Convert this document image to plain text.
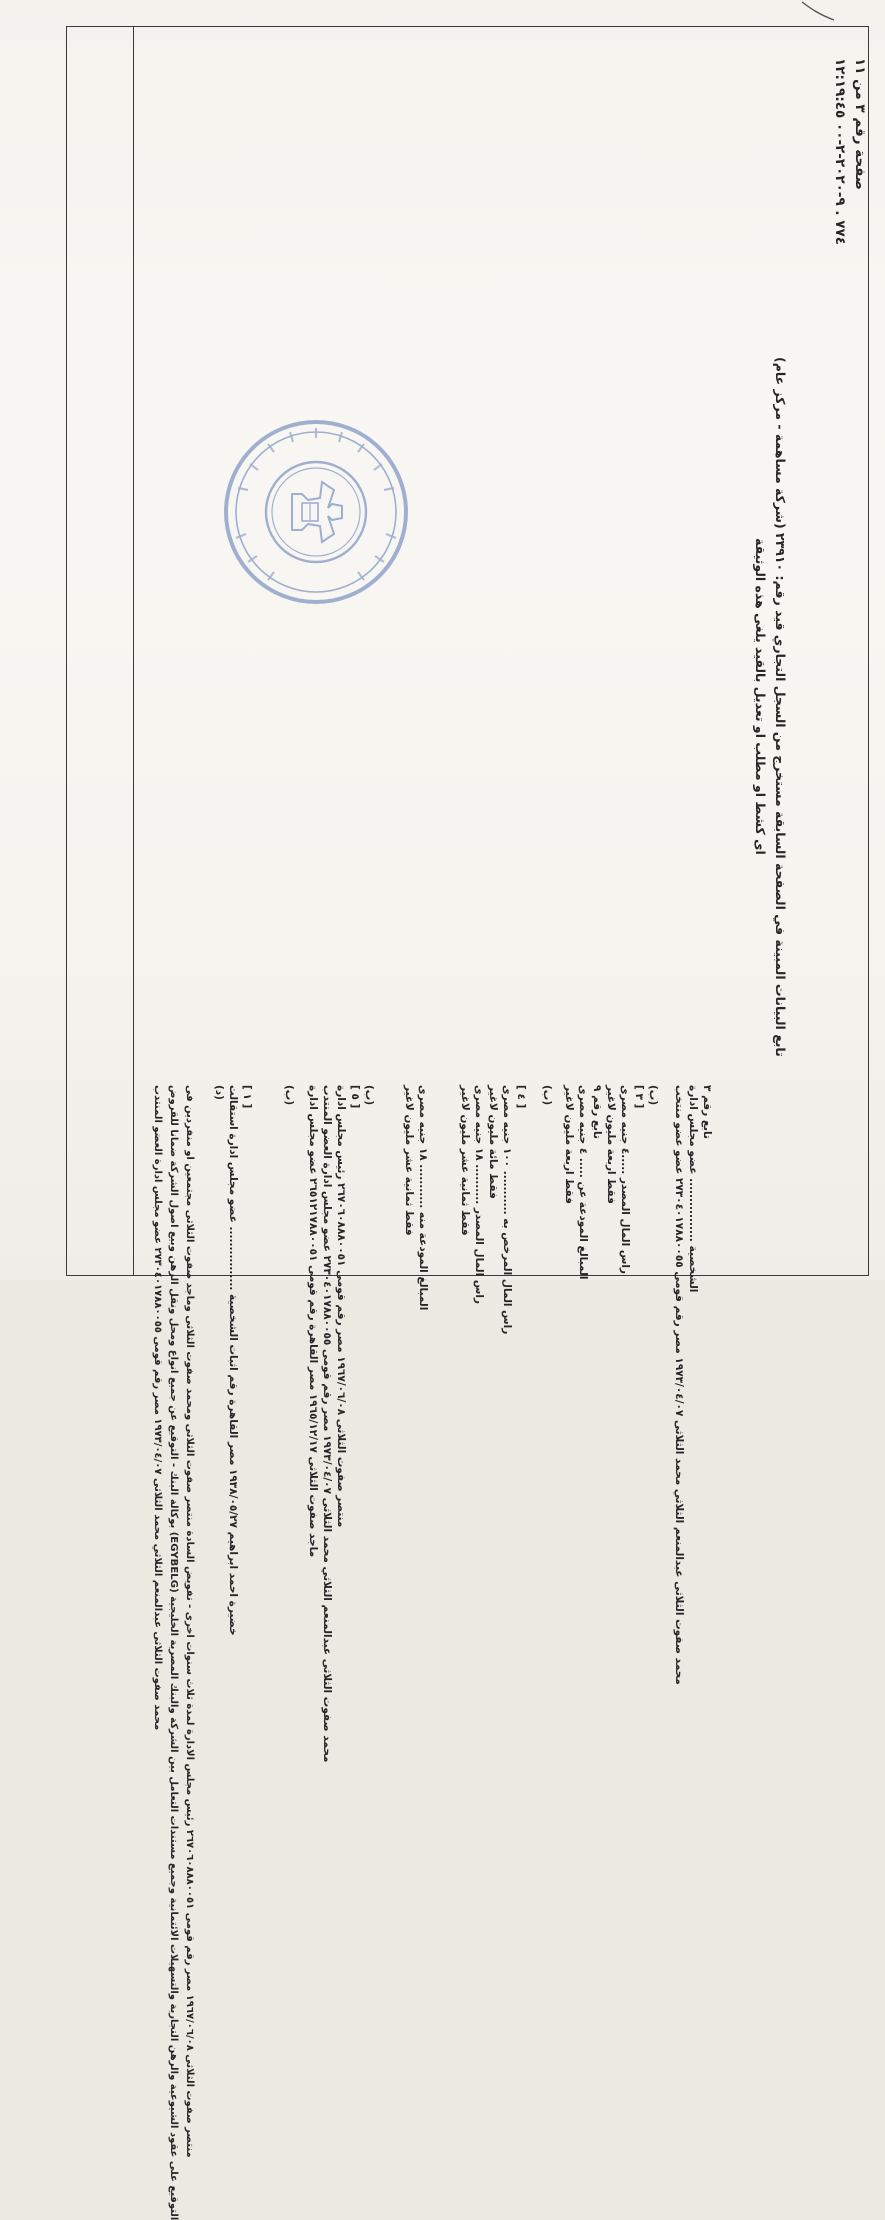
صفحة رقم ٣ من ١١
٧٧٤ . ٩-٢٠٢٠-٢-٠٠ ١٢:١٩:٤٥
تابع البيانات المبينة في الصفحة السابقة مستخرج من السجل التجاري قيد رقم: ٢٣٩١٠ (شركة مساهمة - مركز عام)
اى كشط او مطلب او تعديل بالقيد يلغى هذه الوثيقة
تابع رقم ٣
الشخصية ................ عضو مجلس ادارة
محمد صفوت الثلاثى عبدالمنعم الثلاثي محمد الثلاثى ١٩٧٣/٠٤/٠٧ مصر رقم قومى ٢٧٣٠٤٠١٧٨٨٠٠٥٥ عضو عضو منتخب
(ب)
[ ٣ ]
راس المال المصدر .....٤ جنيه مصرى
فقط اربعة مليون لاغير
تابع رقم ٩
المبالغ المودعة عن ..... ٤ جنيه مصرى
فقط اربعة مليون لاغير
(ب)
[ ٤ ]
راس المال المرخص به ........... ١٠٠ جنيه مصرى
فقط مائة مليون لاغير
راس المال المصدر .......... ١٨ جنيه مصرى
فقط ثمانية عشر مليون لاغير
المبالغ المودعة منه ........... ١٨ جنيه مصرى
فقط ثمانية عشر مليون لاغير
(ب)
[ ٥ ]
منتصر صفوت الثلاثى ١٩٦٧/٠٦/٠٨ مصر رقم قومى ٢٦٧٠٦٠٨٨٨٠٠٥١ رئيس مجلس ادارة
محمد صفوت الثلاثى عبدالمنعم الثلاثي محمد الثلاثى ١٩٧٣/٠٤/٠٧ مصر رقم قومى ٢٧٣٠٤٠١٧٨٨٠٠٥٥ عضو مجلس ادارة العضو المنتدب
ماجد صفوت الثلاثى ١٩٦٥/١٢/١٧ مصر القاهرة رقم قومى ٢٦٥١٢١٧٨٨٠٠٥١ عضو مجلس ادارة
(ب)
[ ١ ]
خضيرة احمد ابراهيم ١٩٣٨/٠٥/٢٧ مصر القاهرة رقم اثبات الشخصية ................ عضو مجلس ادارة استقالت
(د)
منتصر صفوت الثلاثى ١٩٦٧/٠٦/٠٨ مصر رقم قومى ٢٦٧٠٦٠٨٨٨٠٠٥١ رئيس مجلس الادارة لمدة ثلاث سنوات اخرى - تفويض السادة منتصر صفوت الثلاثى ومحمد صفوت الثلاثى وماجد صفوت الثلاثى مجتمعين او منفردين فى
التوقيع على عقود الشيوعية والرهن التجارية والتسهيلات الائتمانية وجميع مستندات التعامل بين الشركة والبنك المصرية الخليجية (EGYBELG) بوكالة البنك - التوقيع عن جميع انواع ومحل ونقل الرهن وبيع اصول الشركة ضمانا للقروض
محمد صفوت الثلاثى عبدالمنعم الثلاثي محمد الثلاثى ١٩٧٣/٠٤/٠٧ مصر رقم قومى ٢٧٣٠٤٠١٧٨٨٠٠٥٥ عضو مجلس ادارة العضو المنتدب
